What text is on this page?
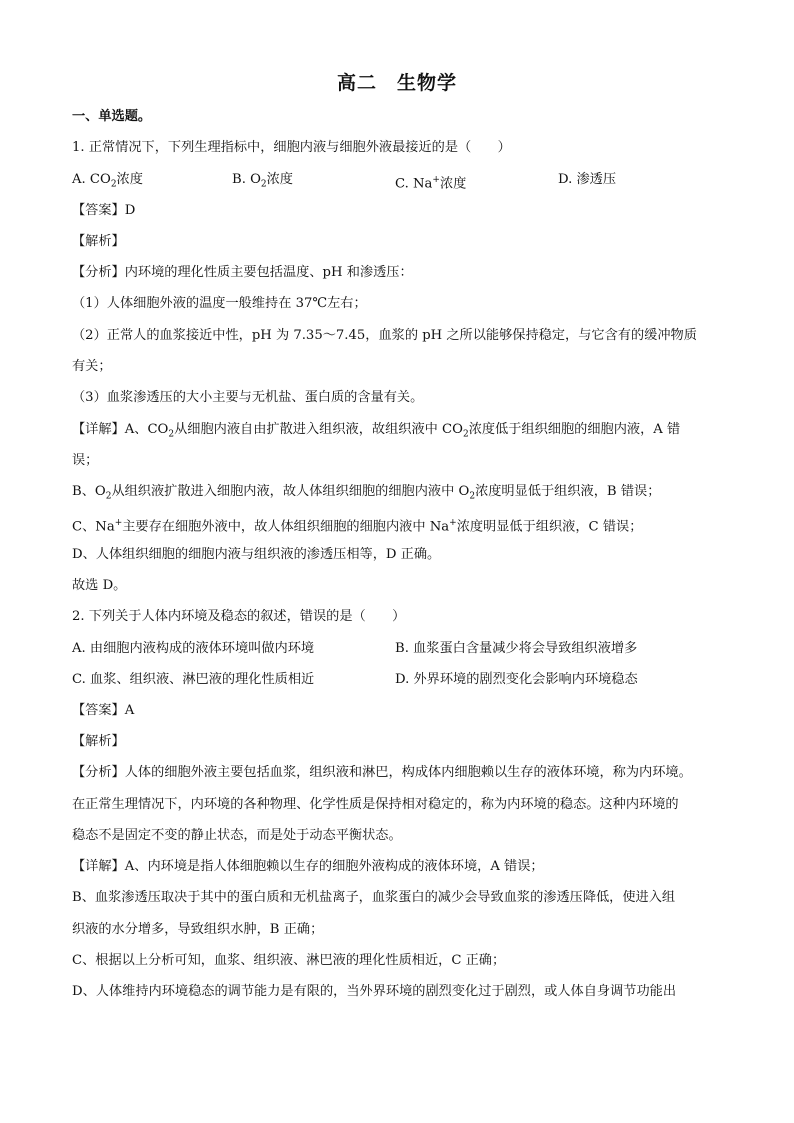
高二　生物学
一、单选题。
1. 正常情况下，下列生理指标中，细胞内液与细胞外液最接近的是（　　）
A. $CO_2$浓度	B. $O_2$浓度	C. Na+浓度	D. 渗透压
【答案】D
【解析】
【分析】内环境的理化性质主要包括温度、pH 和渗透压：
（1）人体细胞外液的温度一般维持在 37℃左右；
（2）正常人的血浆接近中性，pH 为 7.35～7.45，血浆的 pH 之所以能够保持稳定，与它含有的缓冲物质
有关；
（3）血浆渗透压的大小主要与无机盐、蛋白质的含量有关。
【详解】A、$CO_2$从细胞内液自由扩散进入组织液，故组织液中 $CO_2$浓度低于组织细胞的细胞内液，A 错
误；
B、$O_2$从组织液扩散进入细胞内液，故人体组织细胞的细胞内液中 $O_2$浓度明显低于组织液，B 错误；
C、Na+主要存在细胞外液中，故人体组织细胞的细胞内液中 Na+浓度明显低于组织液，C 错误；
D、人体组织细胞的细胞内液与组织液的渗透压相等，D 正确。
故选 D。
2. 下列关于人体内环境及稳态的叙述，错误的是（　　）
A. 由细胞内液构成的液体环境叫做内环境	B. 血浆蛋白含量减少将会导致组织液增多
C. 血浆、组织液、淋巴液的理化性质相近	D. 外界环境的剧烈变化会影响内环境稳态
【答案】A
【解析】
【分析】人体的细胞外液主要包括血浆，组织液和淋巴，构成体内细胞赖以生存的液体环境，称为内环境。
在正常生理情况下，内环境的各种物理、化学性质是保持相对稳定的，称为内环境的稳态。这种内环境的
稳态不是固定不变的静止状态，而是处于动态平衡状态。
【详解】A、内环境是指人体细胞赖以生存的细胞外液构成的液体环境，A 错误；
B、血浆渗透压取决于其中的蛋白质和无机盐离子，血浆蛋白的减少会导致血浆的渗透压降低，使进入组
织液的水分增多，导致组织水肿，B 正确；
C、根据以上分析可知，血浆、组织液、淋巴液的理化性质相近，C 正确；
D、人体维持内环境稳态的调节能力是有限的，当外界环境的剧烈变化过于剧烈，或人体自身调节功能出
